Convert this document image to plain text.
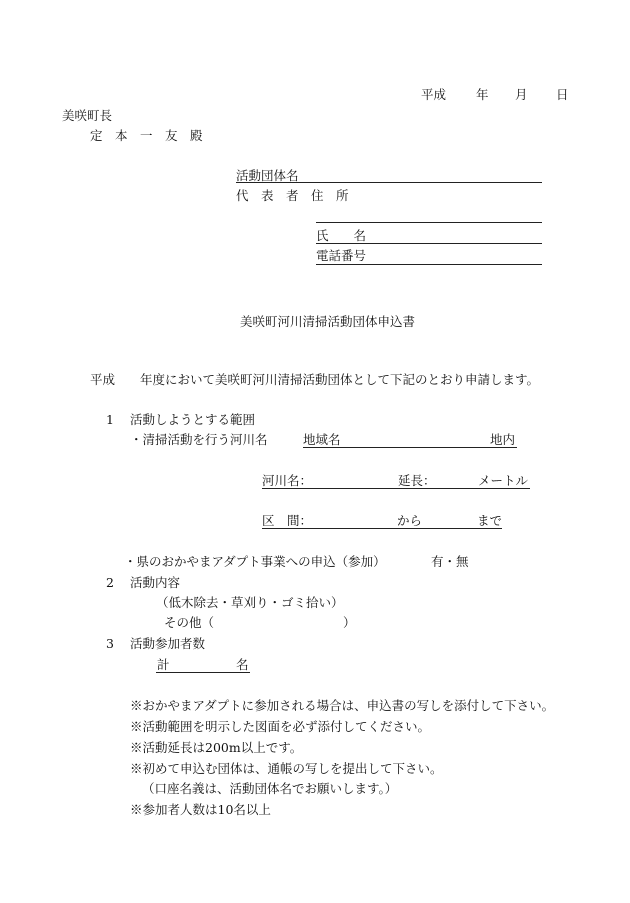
平成 年 月 日
美咲町長
定　本　一　友　殿
活動団体名
代　表　者　住　所
氏　　名
電話番号
美咲町河川清掃活動団体申込書
平成　　年度において美咲町河川清掃活動団体として下記のとおり申請します。
1 活動しようとする範囲
・清掃活動を行う河川名	地域名	地内
河川名：	延長：	メートル
区　間：	から	まで
・県のおかやまアダプト事業への申込（参加）	有・無
2 活動内容
（低木除去・草刈り・ゴミ拾い）
その他（	）
3 活動参加者数
計	名
※おかやまアダプトに参加される場合は、申込書の写しを添付して下さい。
※活動範囲を明示した図面を必ず添付してください。
※活動延長は200m以上です。
※初めて申込む団体は、通帳の写しを提出して下さい。
（口座名義は、活動団体名でお願いします。）
※参加者人数は10名以上
